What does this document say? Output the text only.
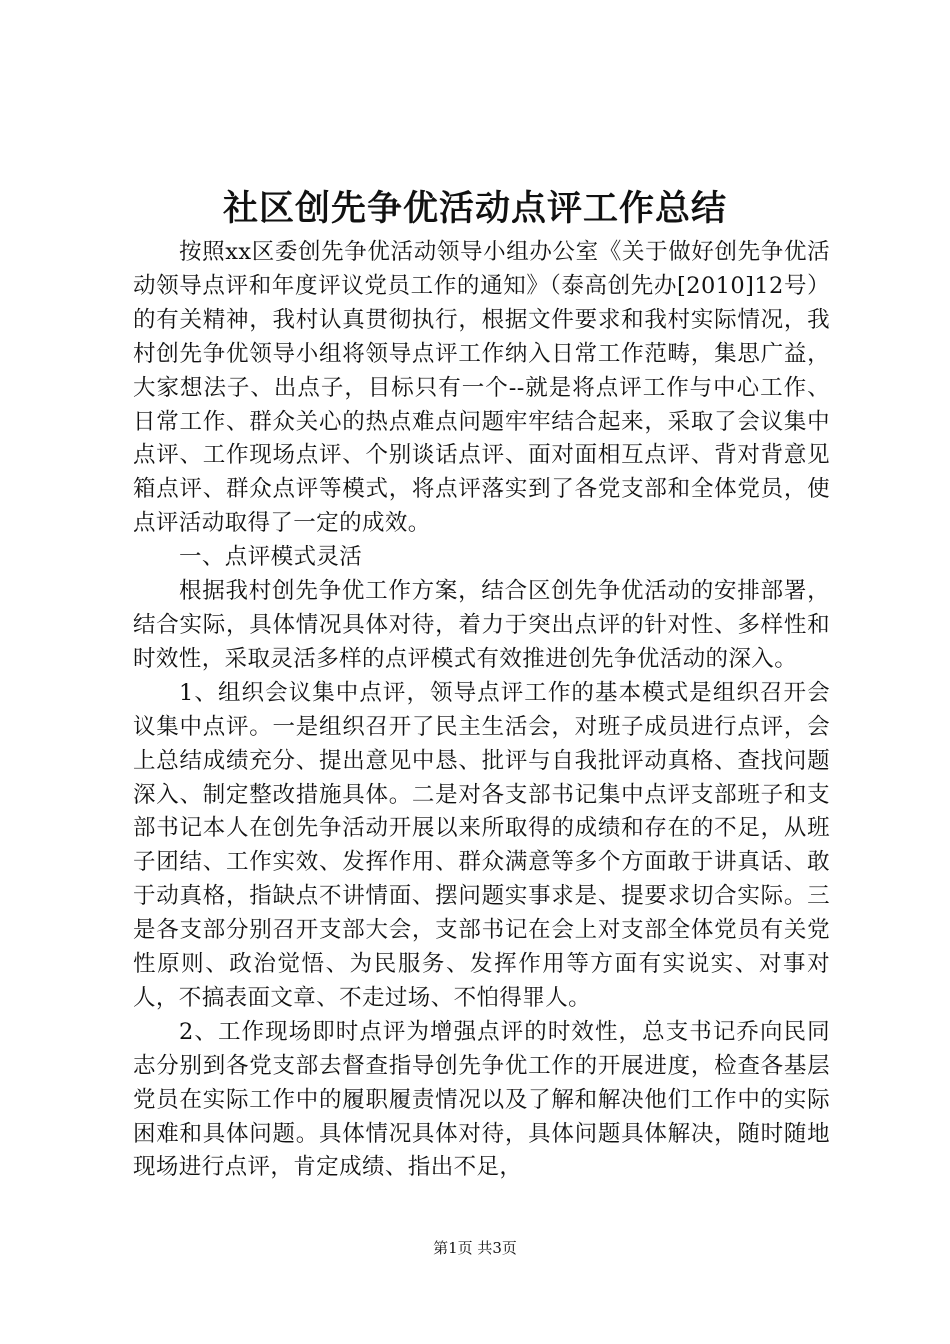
社区创先争优活动点评工作总结

按照xx区委创先争优活动领导小组办公室《关于做好创先争优活动领导点评和年度评议党员工作的通知》（泰高创先办[2010]12号）的有关精神，我村认真贯彻执行，根据文件要求和我村实际情况，我村创先争优领导小组将领导点评工作纳入日常工作范畴，集思广益，大家想法子、出点子，目标只有一个--就是将点评工作与中心工作、日常工作、群众关心的热点难点问题牢牢结合起来，采取了会议集中点评、工作现场点评、个别谈话点评、面对面相互点评、背对背意见箱点评、群众点评等模式，将点评落实到了各党支部和全体党员，使点评活动取得了一定的成效。

一、点评模式灵活

根据我村创先争优工作方案，结合区创先争优活动的安排部署，结合实际，具体情况具体对待，着力于突出点评的针对性、多样性和时效性，采取灵活多样的点评模式有效推进创先争优活动的深入。

1、组织会议集中点评，领导点评工作的基本模式是组织召开会议集中点评。一是组织召开了民主生活会，对班子成员进行点评，会上总结成绩充分、提出意见中恳、批评与自我批评动真格、查找问题深入、制定整改措施具体。二是对各支部书记集中点评支部班子和支部书记本人在创先争活动开展以来所取得的成绩和存在的不足，从班子团结、工作实效、发挥作用、群众满意等多个方面敢于讲真话、敢于动真格，指缺点不讲情面、摆问题实事求是、提要求切合实际。三是各支部分别召开支部大会，支部书记在会上对支部全体党员有关党性原则、政治觉悟、为民服务、发挥作用等方面有实说实、对事对人，不搞表面文章、不走过场、不怕得罪人。

2、工作现场即时点评为增强点评的时效性，总支书记乔向民同志分别到各党支部去督查指导创先争优工作的开展进度，检查各基层党员在实际工作中的履职履责情况以及了解和解决他们工作中的实际困难和具体问题。具体情况具体对待，具体问题具体解决，随时随地现场进行点评，肯定成绩、指出不足，

第1页 共3页
